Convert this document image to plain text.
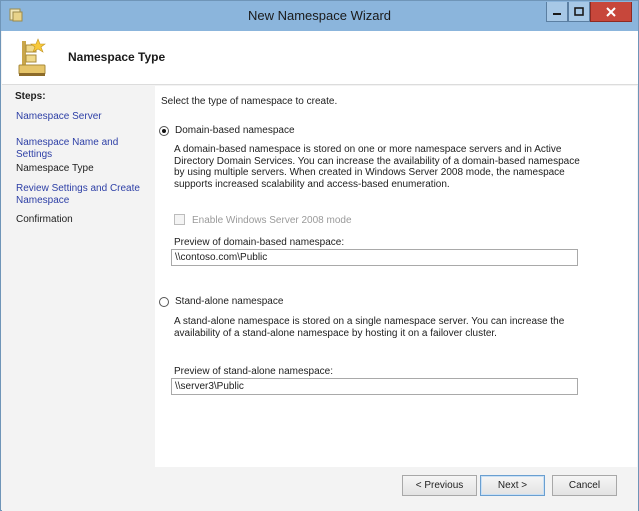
New Namespace Wizard
Namespace Type
Steps:
Namespace Server
Namespace Name and Settings
Namespace Type
Review Settings and Create Namespace
Confirmation
Select the type of namespace to create.
Domain-based namespace
A domain-based namespace is stored on one or more namespace servers and in Active Directory Domain Services. You can increase the availability of a domain-based namespace by using multiple servers. When created in Windows Server 2008 mode, the namespace supports increased scalability and access-based enumeration.
Enable Windows Server 2008 mode
Preview of domain-based namespace:
\\contoso.com\Public
Stand-alone namespace
A stand-alone namespace is stored on a single namespace server. You can increase the availability of a stand-alone namespace by hosting it on a failover cluster.
Preview of stand-alone namespace:
\\server3\Public
< Previous	Next >	Cancel
